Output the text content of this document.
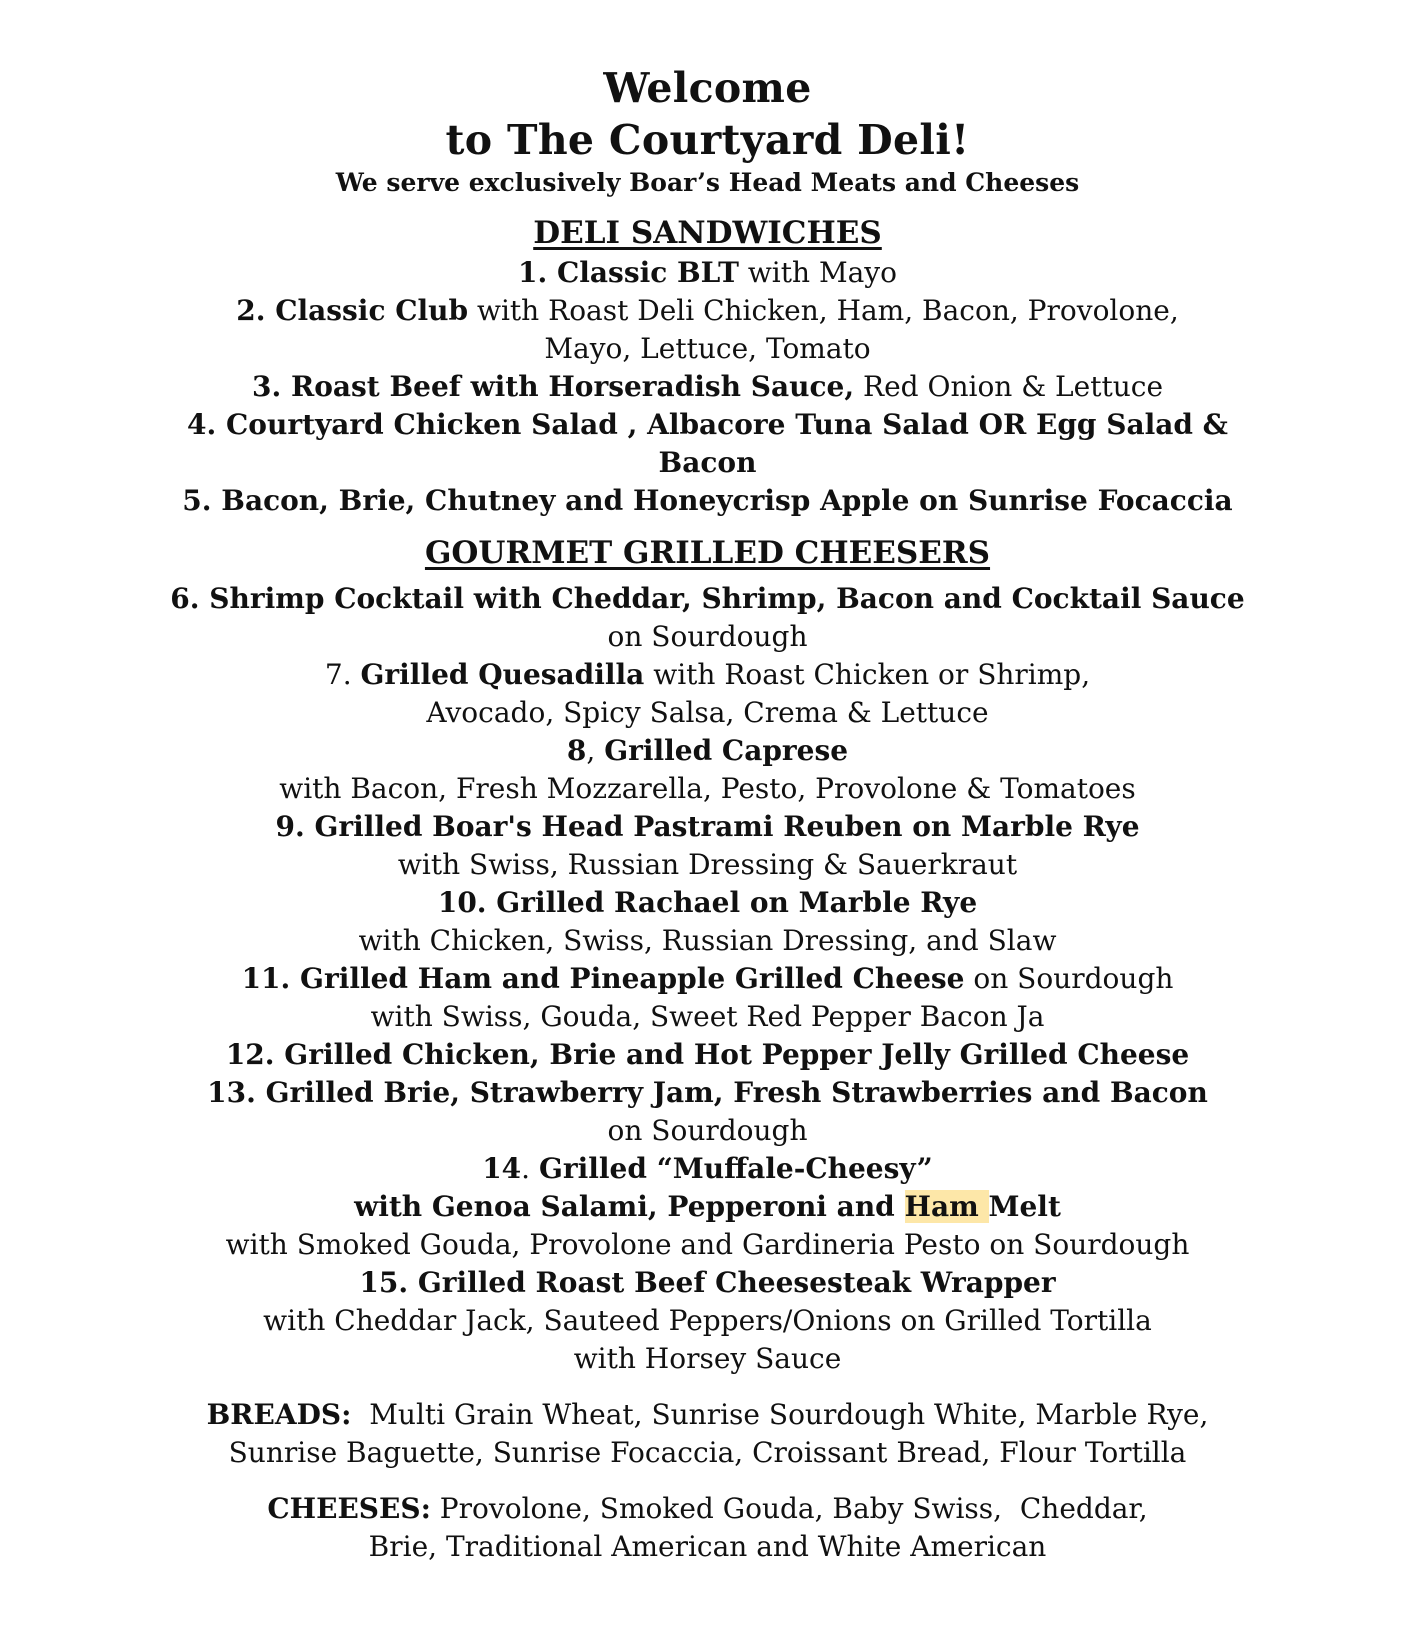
Welcome
to The Courtyard Deli!
We serve exclusively Boar’s Head Meats and Cheeses
DELI SANDWICHES
1. Classic BLT with Mayo
2. Classic Club with Roast Deli Chicken, Ham, Bacon, Provolone,
Mayo, Lettuce, Tomato
3. Roast Beef with Horseradish Sauce, Red Onion & Lettuce
4. Courtyard Chicken Salad , Albacore Tuna Salad OR Egg Salad &
Bacon
5. Bacon, Brie, Chutney and Honeycrisp Apple on Sunrise Focaccia
GOURMET GRILLED CHEESERS
6. Shrimp Cocktail with Cheddar, Shrimp, Bacon and Cocktail Sauce
on Sourdough
7. Grilled Quesadilla with Roast Chicken or Shrimp,
Avocado, Spicy Salsa, Crema & Lettuce
8, Grilled Caprese
with Bacon, Fresh Mozzarella, Pesto, Provolone & Tomatoes
9. Grilled Boar's Head Pastrami Reuben on Marble Rye
with Swiss, Russian Dressing & Sauerkraut
10. Grilled Rachael on Marble Rye
with Chicken, Swiss, Russian Dressing, and Slaw
11. Grilled Ham and Pineapple Grilled Cheese on Sourdough
with Swiss, Gouda, Sweet Red Pepper Bacon Ja
12. Grilled Chicken, Brie and Hot Pepper Jelly Grilled Cheese
13. Grilled Brie, Strawberry Jam, Fresh Strawberries and Bacon
on Sourdough
14. Grilled “Muffale-Cheesy”
with Genoa Salami, Pepperoni and Ham Melt
with Smoked Gouda, Provolone and Gardineria Pesto on Sourdough
15. Grilled Roast Beef Cheesesteak Wrapper
with Cheddar Jack, Sauteed Peppers/Onions on Grilled Tortilla
with Horsey Sauce
BREADS:  Multi Grain Wheat, Sunrise Sourdough White, Marble Rye,
Sunrise Baguette, Sunrise Focaccia, Croissant Bread, Flour Tortilla
CHEESES: Provolone, Smoked Gouda, Baby Swiss,  Cheddar,
Brie, Traditional American and White American
